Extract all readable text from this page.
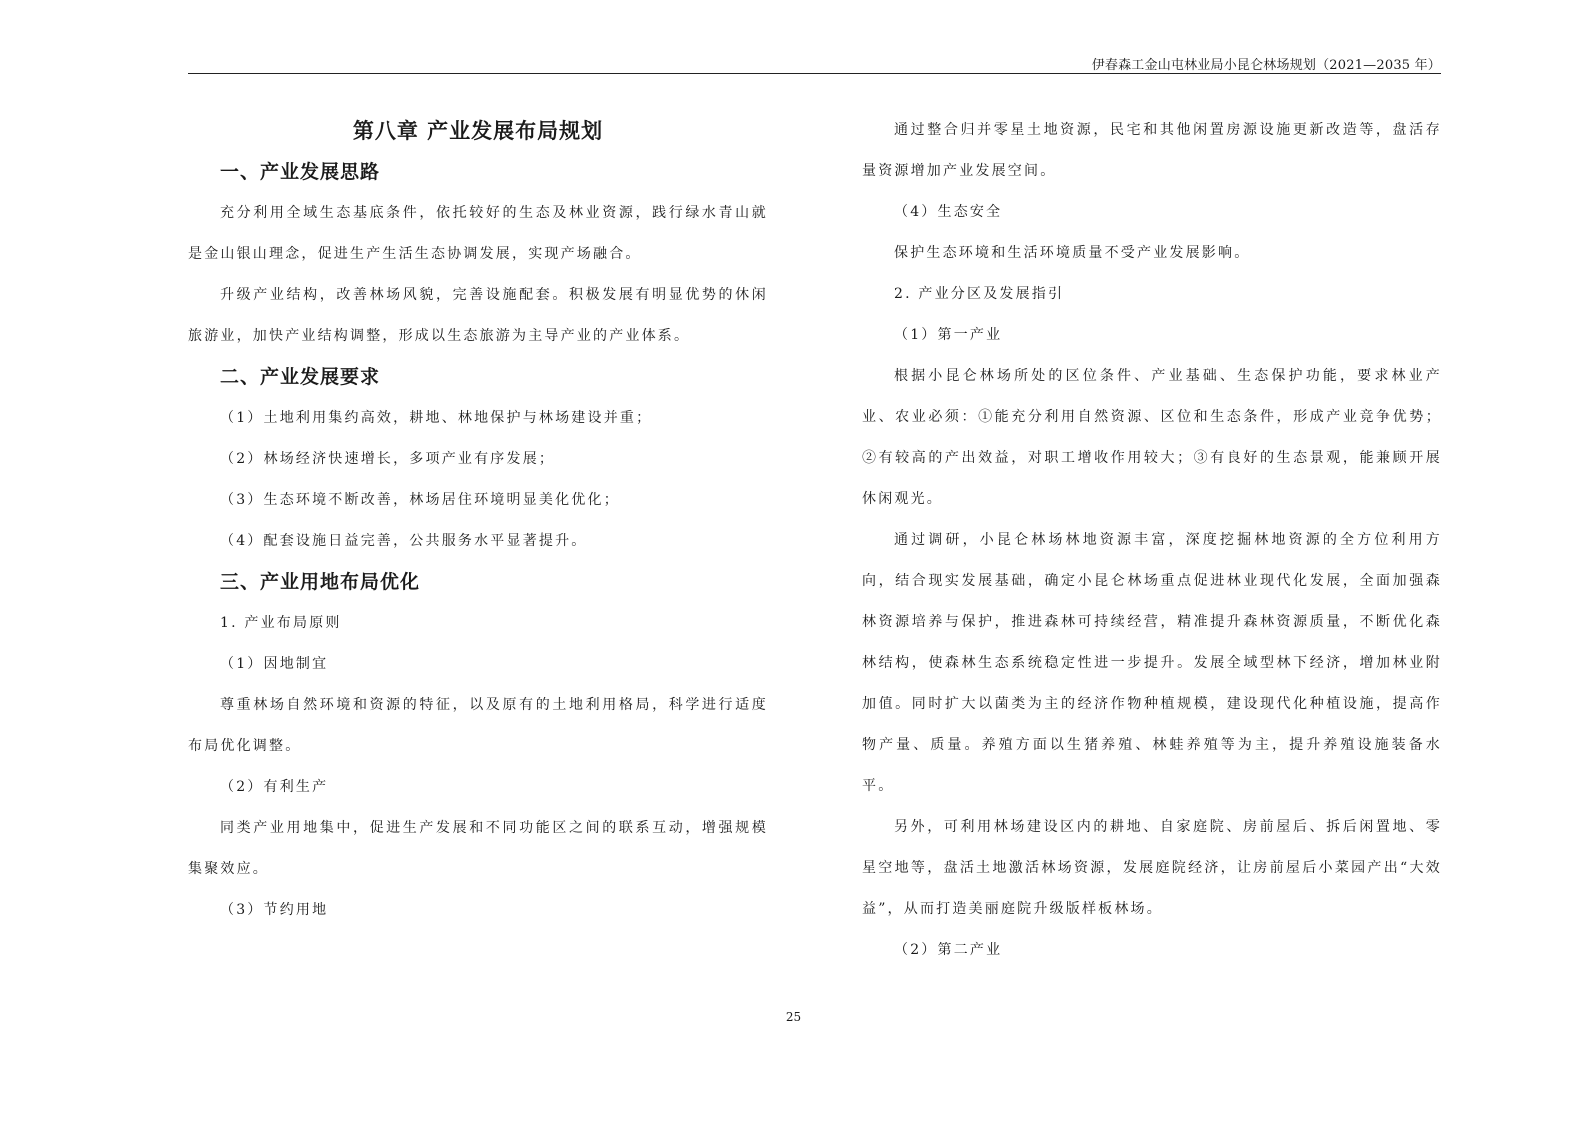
伊春森工金山屯林业局小昆仑林场规划（2021—2035 年）
第八章 产业发展布局规划
一、产业发展思路

充分利用全域生态基底条件，依托较好的生态及林业资源，践行绿水青山就是金山银山理念，促进生产生活生态协调发展，实现产场融合。

升级产业结构，改善林场风貌，完善设施配套。积极发展有明显优势的休闲旅游业，加快产业结构调整，形成以生态旅游为主导产业的产业体系。

二、产业发展要求

（1）土地利用集约高效，耕地、林地保护与林场建设并重；

（2）林场经济快速增长，多项产业有序发展；

（3）生态环境不断改善，林场居住环境明显美化优化；

（4）配套设施日益完善，公共服务水平显著提升。

三、产业用地布局优化

1. 产业布局原则

（1）因地制宜

尊重林场自然环境和资源的特征，以及原有的土地利用格局，科学进行适度布局优化调整。

（2）有利生产

同类产业用地集中，促进生产发展和不同功能区之间的联系互动，增强规模集聚效应。

（3）节约用地

通过整合归并零星土地资源，民宅和其他闲置房源设施更新改造等，盘活存量资源增加产业发展空间。

（4）生态安全

保护生态环境和生活环境质量不受产业发展影响。

2. 产业分区及发展指引

（1）第一产业

根据小昆仑林场所处的区位条件、产业基础、生态保护功能，要求林业产业、农业必须：①能充分利用自然资源、区位和生态条件，形成产业竞争优势；②有较高的产出效益，对职工增收作用较大；③有良好的生态景观，能兼顾开展休闲观光。

通过调研，小昆仑林场林地资源丰富，深度挖掘林地资源的全方位利用方向，结合现实发展基础，确定小昆仑林场重点促进林业现代化发展，全面加强森林资源培养与保护，推进森林可持续经营，精准提升森林资源质量，不断优化森林结构，使森林生态系统稳定性进一步提升。发展全域型林下经济，增加林业附加值。同时扩大以菌类为主的经济作物种植规模，建设现代化种植设施，提高作物产量、质量。养殖方面以生猪养殖、林蛙养殖等为主，提升养殖设施装备水平。

另外，可利用林场建设区内的耕地、自家庭院、房前屋后、拆后闲置地、零星空地等，盘活土地激活林场资源，发展庭院经济，让房前屋后小菜园产出“大效益”，从而打造美丽庭院升级版样板林场。

（2）第二产业

25
